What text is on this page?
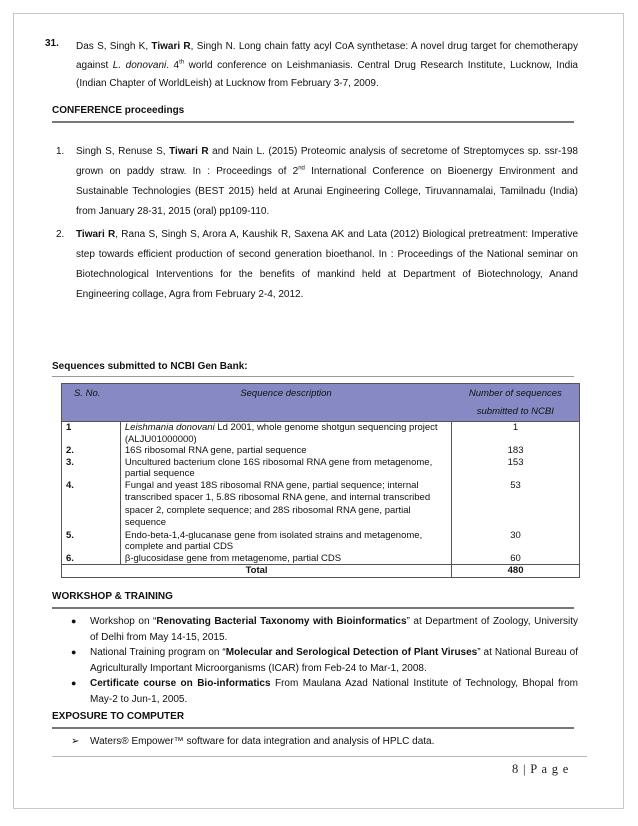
31.	Das S, Singh K, Tiwari R, Singh N. Long chain fatty acyl CoA synthetase: A novel drug target for chemotherapy against L. donovani. 4th world conference on Leishmaniasis. Central Drug Research Institute, Lucknow, India (Indian Chapter of WorldLeish) at Lucknow from February 3-7, 2009.
CONFERENCE proceedings
1. Singh S, Renuse S, Tiwari R and Nain L. (2015) Proteomic analysis of secretome of Streptomyces sp. ssr-198 grown on paddy straw. In : Proceedings of 2nd International Conference on Bioenergy Environment and Sustainable Technologies (BEST 2015) held at Arunai Engineering College, Tiruvannamalai, Tamilnadu (India) from January 28-31, 2015 (oral) pp109-110.
2. Tiwari R, Rana S, Singh S, Arora A, Kaushik R, Saxena AK and Lata (2012) Biological pretreatment: Imperative step towards efficient production of second generation bioethanol. In : Proceedings of the National seminar on Biotechnological Interventions for the benefits of mankind held at Department of Biotechnology, Anand Engineering collage, Agra from February 2-4, 2012.
Sequences submitted to NCBI Gen Bank:
S. No.	Sequence description	Number of sequences submitted to NCBI
1	Leishmania donovani Ld 2001, whole genome shotgun sequencing project (ALJU01000000)	1
2.	16S ribosomal RNA gene, partial sequence	183
3.	Uncultured bacterium clone 16S ribosomal RNA gene from metagenome, partial sequence	153
4.	Fungal and yeast 18S ribosomal RNA gene, partial sequence; internal transcribed spacer 1, 5.8S ribosomal RNA gene, and internal transcribed spacer 2, complete sequence; and 28S ribosomal RNA gene, partial sequence	53
5.	Endo-beta-1,4-glucanase gene from isolated strains and metagenome, complete and partial CDS	30
6.	β-glucosidase gene from metagenome, partial CDS	60
Total		480
WORKSHOP & TRAINING
● Workshop on “Renovating Bacterial Taxonomy with Bioinformatics” at Department of Zoology, University of Delhi from May 14-15, 2015.
● National Training program on “Molecular and Serological Detection of Plant Viruses” at National Bureau of Agriculturally Important Microorganisms (ICAR) from Feb-24 to Mar-1, 2008.
● Certificate course on Bio-informatics From Maulana Azad National Institute of Technology, Bhopal from May-2 to Jun-1, 2005.
EXPOSURE TO COMPUTER
➢ Waters® Empower™ software for data integration and analysis of HPLC data.
8 | P a g e
